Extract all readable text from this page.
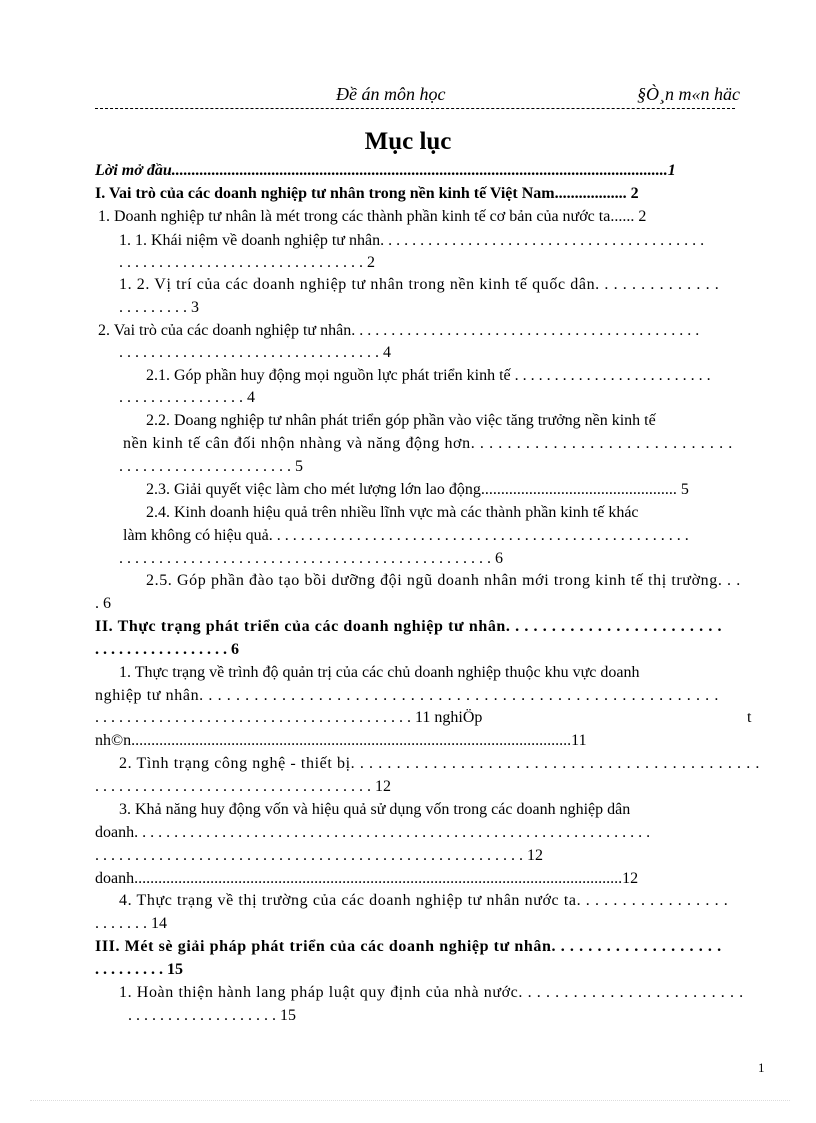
Đề án môn học	§Ò¸n m«n häc
Mục lục
Lời mở đầu............................................................................................................................1
I. Vai trò của các doanh nghiệp tư nhân trong nền kinh tế Việt Nam.................. 2
1. Doanh nghiệp tư nhân là mét trong các thành phần kinh tế cơ bản của nước ta...... 2
1. 1. Khái niệm về doanh nghiệp tư nhân. . . . . . . . . . . . . . . . . . . . . . . . . . . . . . . . . . . . . . . . .
. . . . . . . . . . . . . . . . . . . . . . . . . . . . . . . 2
1. 2. Vị trí của các doanh nghiệp tư nhân trong nền kinh tế quốc dân. . . . . . . . . . . . . .
. . . . . . . . . 3
2. Vai trò của các doanh nghiệp tư nhân. . . . . . . . . . . . . . . . . . . . . . . . . . . . . . . . . . . . . . . . . . . .
. . . . . . . . . . . . . . . . . . . . . . . . . . . . . . . . . 4
2.1. Góp phần huy động mọi nguồn lực phát triển kinh tế . . . . . . . . . . . . . . . . . . . . . . . . .
. . . . . . . . . . . . . . . . 4
2.2. Doang nghiệp tư nhân phát triển góp phần vào việc tăng trưởng nền kinh tế
nền kinh tế cân đối nhộn nhàng và năng động hơn. . . . . . . . . . . . . . . . . . . . . . . . . . . . .
. . . . . . . . . . . . . . . . . . . . . . 5
2.3. Giải quyết việc làm cho mét lượng lớn lao động................................................. 5
2.4. Kinh doanh hiệu quả trên nhiều lĩnh vực mà các thành phần kinh tế khác
làm không có hiệu quả. . . . . . . . . . . . . . . . . . . . . . . . . . . . . . . . . . . . . . . . . . . . . . . . . . . . .
. . . . . . . . . . . . . . . . . . . . . . . . . . . . . . . . . . . . . . . . . . . . . . . 6
2.5. Góp phần đào tạo bồi dưỡng đội ngũ doanh nhân mới trong kinh tế thị trường. . .
. 6
II. Thực trạng phát triển của các doanh nghiệp tư nhân. . . . . . . . . . . . . . . . . . . . . . . .
. . . . . . . . . . . . . . . . . 6
1. Thực trạng về trình độ quản trị của các chủ doanh nghiệp thuộc khu vực doanh
nghiệp tư nhân. . . . . . . . . . . . . . . . . . . . . . . . . . . . . . . . . . . . . . . . . . . . . . . . . . . . . . . . .
. . . . . . . . . . . . . . . . . . . . . . . . . . . . . . . . . . . . . . . . 11 nghiÖp	t
nh©n..............................................................................................................11
2. Tình trạng công nghệ - thiết bị. . . . . . . . . . . . . . . . . . . . . . . . . . . . . . . . . . . . . . . . . . . . .
. . . . . . . . . . . . . . . . . . . . . . . . . . . . . . . . . . . 12
3. Khả năng huy động vốn và hiệu quả sử dụng vốn trong các doanh nghiệp dân
doanh. . . . . . . . . . . . . . . . . . . . . . . . . . . . . . . . . . . . . . . . . . . . . . . . . . . . . . . . . . . . . . . . .
. . . . . . . . . . . . . . . . . . . . . . . . . . . . . . . . . . . . . . . . . . . . . . . . . . . . . . 12
doanh..........................................................................................................................12
4. Thực trạng về thị trường của các doanh nghiệp tư nhân nước ta. . . . . . . . . . . . . . . . .
. . . . . . . 14
III. Mét sè giải pháp phát triển của các doanh nghiệp tư nhân. . . . . . . . . . . . . . . . . . .
. . . . . . . . . 15
1. Hoàn thiện hành lang pháp luật quy định của nhà nước. . . . . . . . . . . . . . . . . . . . . . . . .
. . . . . . . . . . . . . . . . . . . 15
1
